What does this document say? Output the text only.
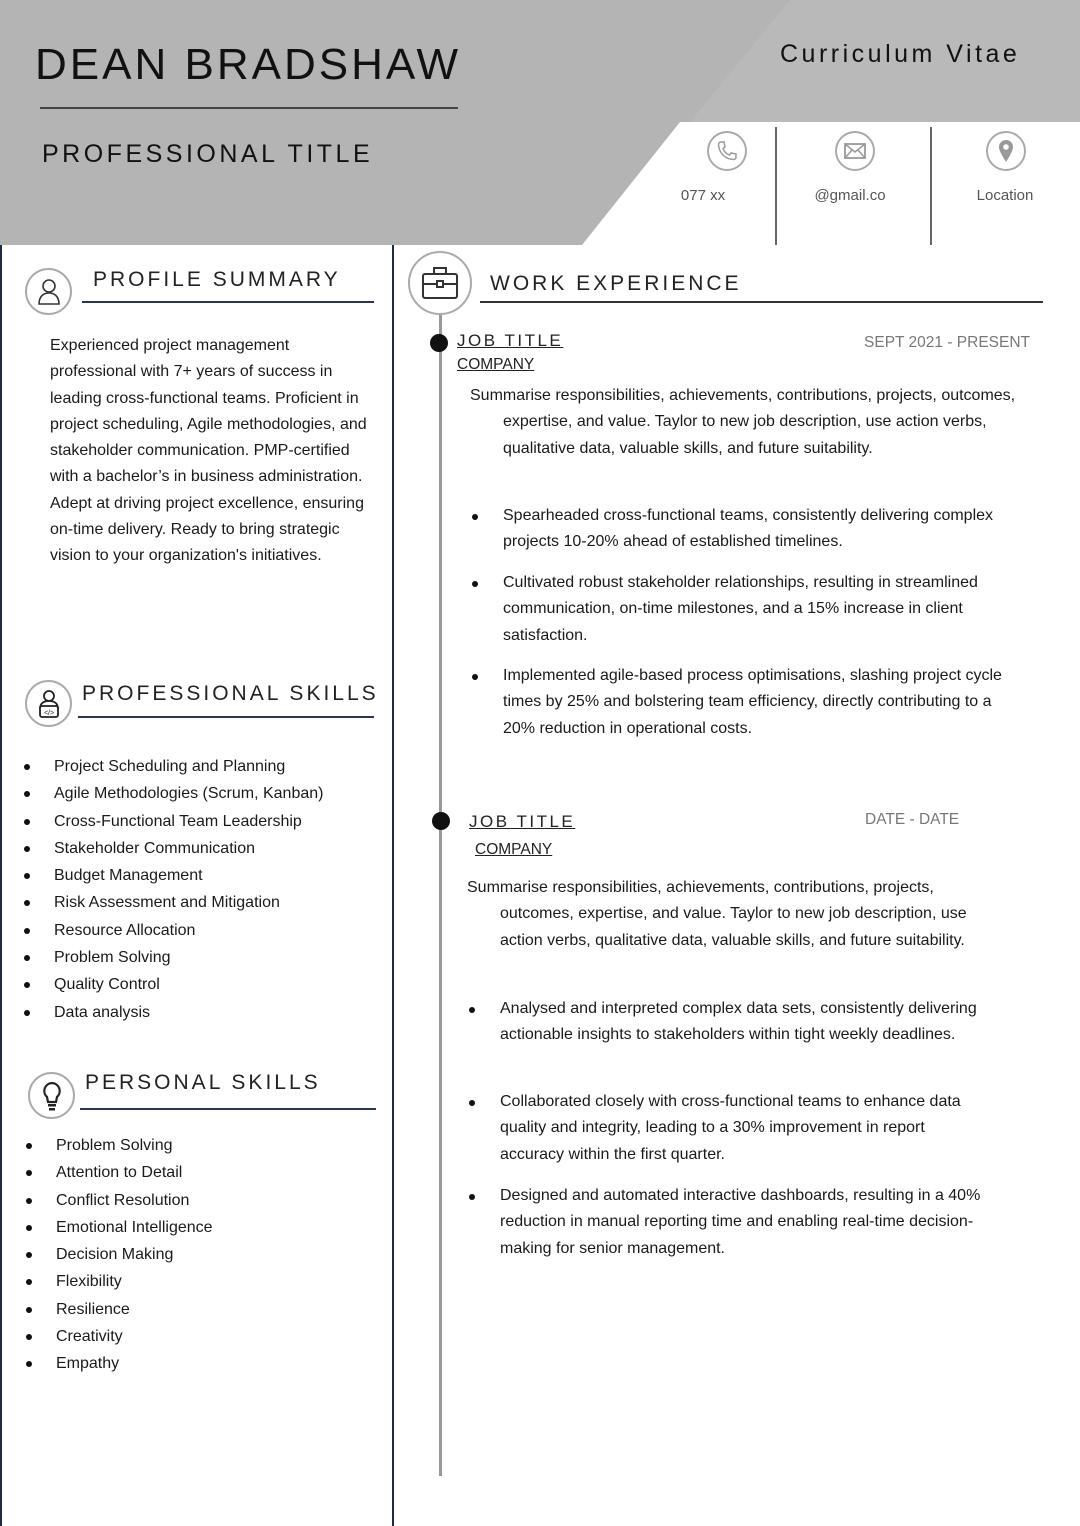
DEAN BRADSHAW
PROFESSIONAL TITLE
Curriculum Vitae
077 xx	@gmail.co	Location
PROFILE SUMMARY
Experienced project management professional with 7+ years of success in leading cross-functional teams. Proficient in project scheduling, Agile methodologies, and stakeholder communication. PMP-certified with a bachelor’s in business administration. Adept at driving project excellence, ensuring on-time delivery. Ready to bring strategic vision to your organization's initiatives.
</>
PROFESSIONAL SKILLS
Project Scheduling and Planning
Agile Methodologies (Scrum, Kanban)
Cross-Functional Team Leadership
Stakeholder Communication
Budget Management
Risk Assessment and Mitigation
Resource Allocation
Problem Solving
Quality Control
Data analysis
PERSONAL SKILLS
Problem Solving
Attention to Detail
Conflict Resolution
Emotional Intelligence
Decision Making
Flexibility
Resilience
Creativity
Empathy
WORK EXPERIENCE
JOB TITLE
COMPANY
SEPT 2021 - PRESENT
Summarise responsibilities, achievements, contributions, projects, outcomes, expertise, and value. Taylor to new job description, use action verbs, qualitative data, valuable skills, and future suitability.
Spearheaded cross-functional teams, consistently delivering complex projects 10-20% ahead of established timelines.
Cultivated robust stakeholder relationships, resulting in streamlined communication, on-time milestones, and a 15% increase in client satisfaction.
Implemented agile-based process optimisations, slashing project cycle times by 25% and bolstering team efficiency, directly contributing to a 20% reduction in operational costs.
JOB TITLE
COMPANY
DATE - DATE
Summarise responsibilities, achievements, contributions, projects, outcomes, expertise, and value. Taylor to new job description, use action verbs, qualitative data, valuable skills, and future suitability.
Analysed and interpreted complex data sets, consistently delivering actionable insights to stakeholders within tight weekly deadlines.
Collaborated closely with cross-functional teams to enhance data quality and integrity, leading to a 30% improvement in report accuracy within the first quarter.
Designed and automated interactive dashboards, resulting in a 40% reduction in manual reporting time and enabling real-time decision-making for senior management.
